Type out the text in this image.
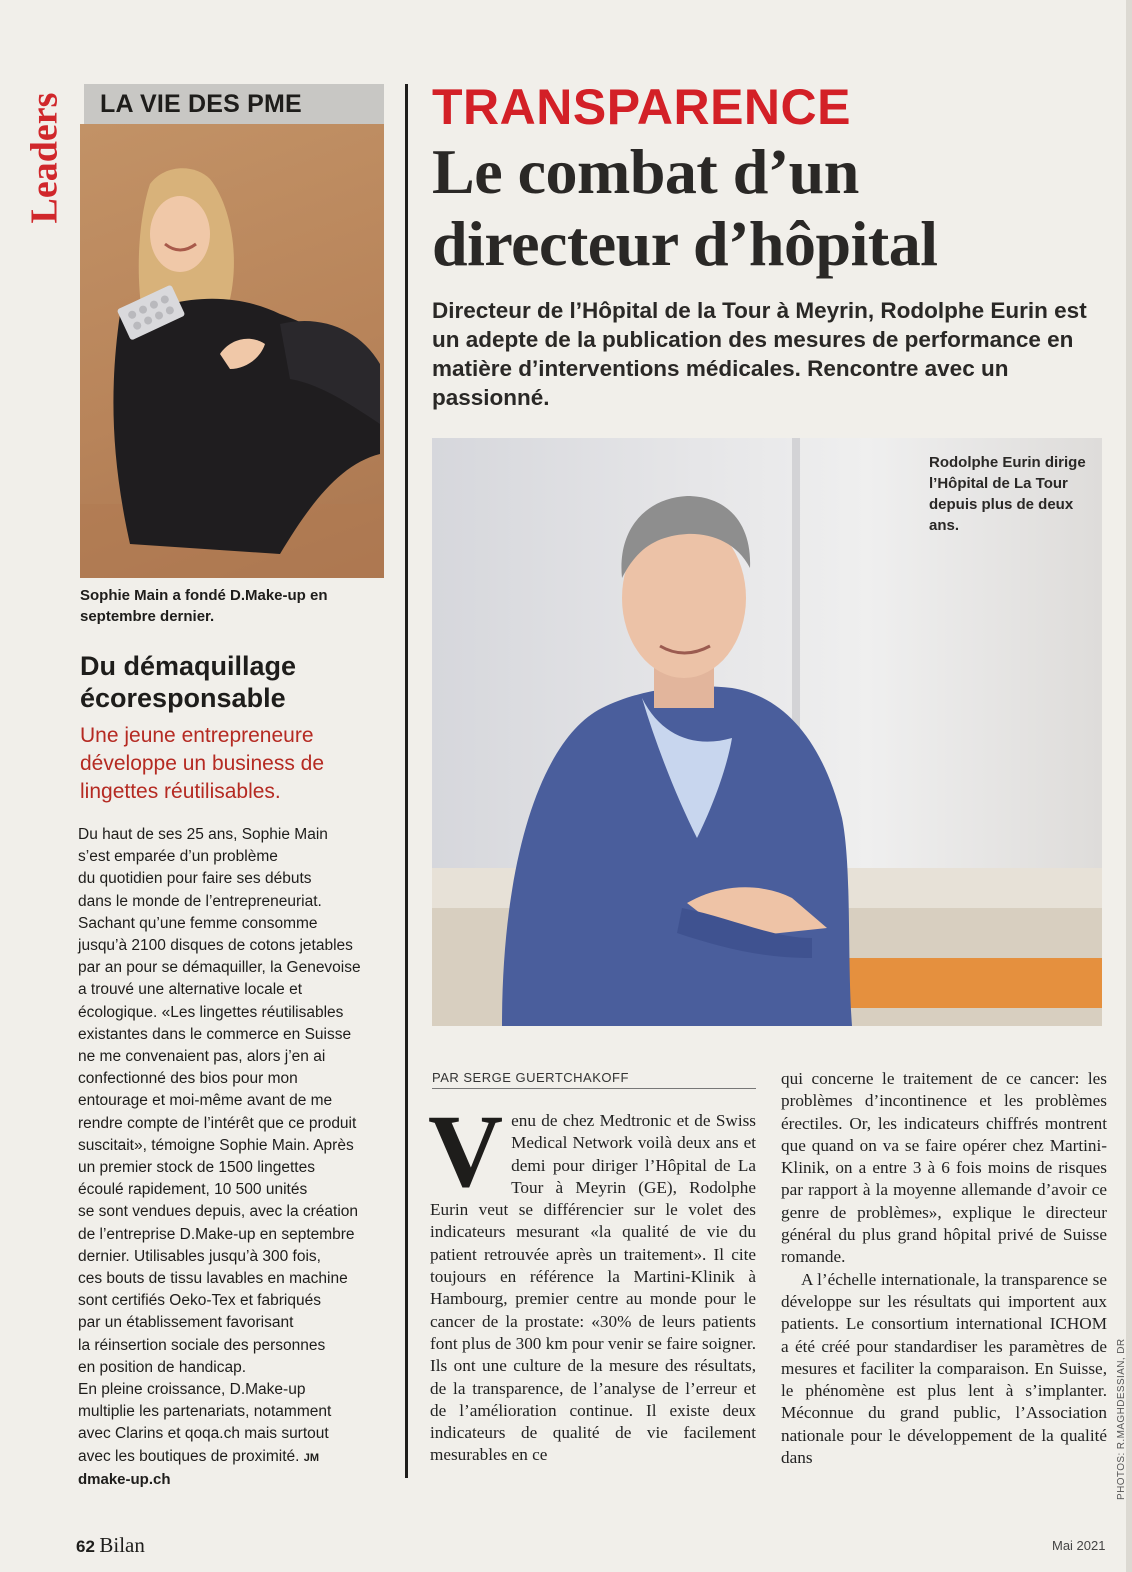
Leaders	LA VIE DES PME
Sophie Main a fondé D.Make-up en septembre dernier.
Du démaquillage écoresponsable
Une jeune entrepreneure développe un business de lingettes réutilisables.
Du haut de ses 25 ans, Sophie Main
s’est emparée d’un problème
du quotidien pour faire ses débuts
dans le monde de l’entrepreneuriat.
Sachant qu’une femme consomme
jusqu’à 2100 disques de cotons jetables
par an pour se démaquiller, la Genevoise
a trouvé une alternative locale et
écologique. «Les lingettes réutilisables
existantes dans le commerce en Suisse
ne me convenaient pas, alors j’en ai
confectionné des bios pour mon
entourage et moi-même avant de me
rendre compte de l’intérêt que ce produit
suscitait», témoigne Sophie Main. Après
un premier stock de 1500 lingettes
écoulé rapidement, 10 500 unités
se sont vendues depuis, avec la création
de l’entreprise D.Make-up en septembre
dernier. Utilisables jusqu’à 300 fois,
ces bouts de tissu lavables en machine
sont certifiés Oeko-Tex et fabriqués
par un établissement favorisant
la réinsertion sociale des personnes
en position de handicap.
En pleine croissance, D.Make-up
multiplie les partenariats, notamment
avec Clarins et qoqa.ch mais surtout
avec les boutiques de proximité. JM
dmake-up.ch
TRANSPARENCE
Le combat d’un
directeur d’hôpital
Directeur de l’Hôpital de la Tour à Meyrin, Rodolphe Eurin est un adepte de la publication des mesures de performance en matière d’interventions médicales. Rencontre avec un passionné.
Rodolphe Eurin dirige l’Hôpital de La Tour depuis plus de deux ans.
PAR SERGE GUERTCHAKOFF
V enu de chez Medtronic et de Swiss Medical Network voilà deux ans et demi pour diriger l’Hôpital de La Tour à Meyrin (GE), Rodolphe Eurin veut se différencier sur le volet des indicateurs mesurant «la qualité de vie du patient retrouvée après un traitement». Il cite toujours en référence la Martini-Klinik à Hambourg, premier centre au monde pour le cancer de la prostate: «30% de leurs patients font plus de 300 km pour venir se faire soigner. Ils ont une culture de la mesure des résultats, de la transparence, de l’analyse de l’erreur et de l’amélioration continue. Il existe deux indicateurs de qualité de vie facilement mesurables en ce

qui concerne le traitement de ce cancer: les problèmes d’incontinence et les problèmes érectiles. Or, les indicateurs chiffrés montrent que quand on va se faire opérer chez Martini-Klinik, on a entre 3 à 6 fois moins de risques par rapport à la moyenne allemande d’avoir ce genre de problèmes», explique le directeur général du plus grand hôpital privé de Suisse romande.

A l’échelle internationale, la transparence se développe sur les résultats qui importent aux patients. Le consortium international ICHOM a été créé pour standardiser les paramètres de mesures et faciliter la comparaison. En Suisse, le phénomène est plus lent à s’implanter. Méconnue du grand public, l’Association nationale pour le développement de la qualité dans	PHOTOS: R.MAGHDESSIAN, DR
62 Bilan	Mai 2021
